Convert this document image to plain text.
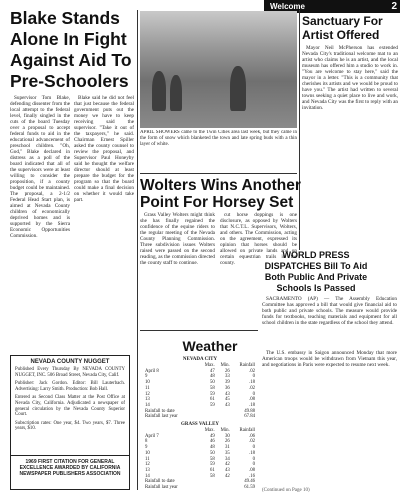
Welcome	2
Blake Stands Alone In Fight Against Aid To Pre-Schoolers

Supervisor Tom Blake, defending dissenter from the local attempt to the federal level, finally singled in the cuts of the board Tuesday over a proposal to accept federal funds to aid in the educational advancement of preschool children. "Oh, God," Blake declared in distress as a poll of the board indicated that all of the supervisors were at least willing to consider the proposition, if a county budget could be maintained. The proposal, a 2-1/2 Federal Head Start plan, is aimed at Nevada County children of economically deprived homes and is supported by the Sierra Economic Opportunities Commission.

Blake said he did not feel that just because the federal government puts out the money we have to keep receiving said the supervisor. "Take it out of the taxpayers," he said. Chairman Ernest Spiller asked the county counsel to review the proposal, and Supervisor Paul Honeyby said he thought the welfare director should at least prepare the budget for the program so that the board could make a final decision on whether it would take part.

APRIL SHOWERS came to the Twin Cities area last week, but they came in the form of snow which blanketed the town and late spring buds with a thin layer of white.

Wolters Wins Another Point For Horsey Set

Grass Valley Wolters might think she has finally regained the confidence of the equine riders to the regular meeting of the Nevada County Planning Commission. Three subdivision issues Wolters raised were passed on the second reading, as the commission directed the county staff to continue.

cut horse doppings is one disclosure, as opposed by Wolters that N.C.T.L. Supervisors, Wolters, and others. The Commission, acting on the agreement, expressed its opinion that horses should be allowed on private lands and on certain equestrian trails in the county.

SACRAMENTO (AP) — The Assembly Education Committee has approved a bill that would give financial aid to both public and private schools. The measure would provide funds for textbooks, teaching materials and equipment for all school children in the state regardless of the school they attend.

Sanctuary For Artist Offered

Mayor Neil McPherson has extended Nevada City's traditional welcome mat to an artist who claims he is an artist, and the local museum has offered him a studio to work in. "You are welcome to stay here," said the mayor in a letter. "This is a community that cherishes its artists and we would be proud to have you." The artist had written to several towns seeking a quiet place to live and work, and Nevada City was the first to reply with an invitation.

WORLD PRESS DISPATCHES Bill To Aid Both Public And Private Schools Is Passed

The U.S. embassy in Saigon announced Monday that more American troops would be withdrawn from Vietnam this year, and negotiations in Paris were expected to resume next week.

NEVADA COUNTY NUGGET

Published Every Thursday By NEVADA COUNTY NUGGET, INC. 506 Broad Street, Nevada City, Calif.

Publisher: Jack Gordon. Editor: Bill Lauterbach. Advertising: Larry Smith. Production: Bob Hall.

Entered as Second Class Matter at the Post Office at Nevada City, California. Adjudicated a newspaper of general circulation by the Nevada County Superior Court.

Subscription rates: One year, $4. Two years, $7. Three years, $10.

1969 FIRST CITATION FOR GENERAL EXCELLENCE AWARDED BY CALIFORNIA NEWSPAPER PUBLISHERS ASSOCIATION
Weather
NEVADA CITY
	Max.	Min.	Rainfall
April 8	47	26	.02
9	48	33	0
10	50	39	.18
11	58	36	.02
12	59	43	0
13	61	45	.08
14	59	43	.18
Rainfall to date			49.88
Rainfall last year			67.84
GRASS VALLEY
	Max.	Min.	Rainfall
April 7	49	30	.06
8	46	26	.02
9	48	31	0
10	50	35	.18
11	58	34	0
12	59	42	0
13	61	43	.08
14	58	42	.16
Rainfall to date			49.46
Rainfall last year			61.59
(Continued on Page 10)
